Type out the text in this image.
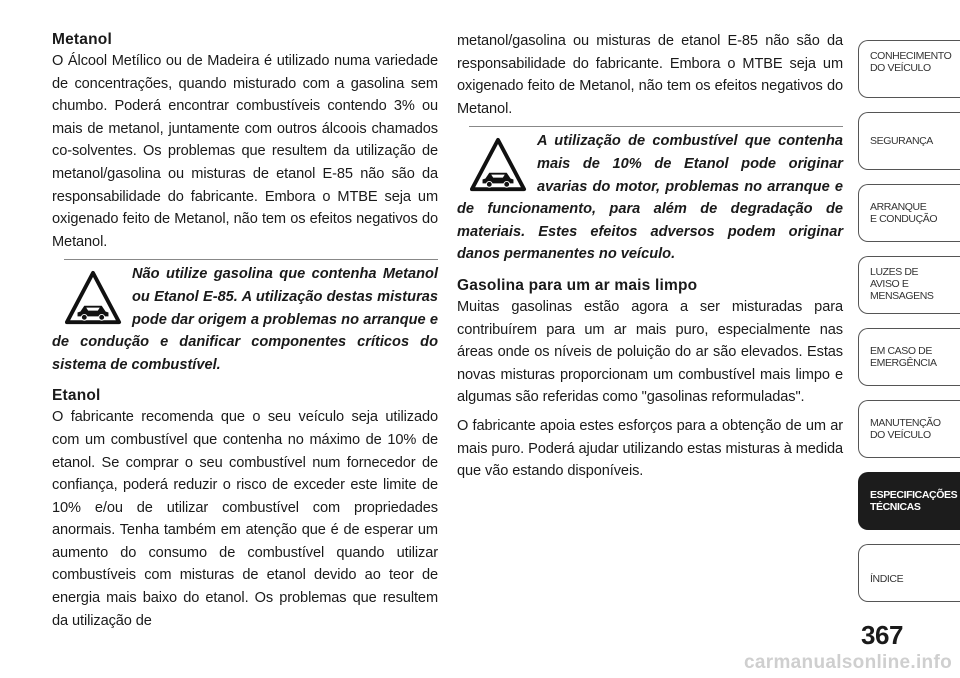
Metanol

O Álcool Metílico ou de Madeira é utilizado numa variedade de concentrações, quando misturado com a gasolina sem chumbo. Poderá encontrar combustíveis contendo 3% ou mais de metanol, juntamente com outros álcoois chamados co-solventes. Os problemas que resultem da utilização de metanol/gasolina ou misturas de etanol E-85 não são da responsabilidade do fabricante. Embora o MTBE seja um oxigenado feito de Metanol, não tem os efeitos negativos do Metanol.

Não utilize gasolina que contenha Metanol ou Etanol E-85. A utilização destas misturas pode dar origem a problemas no arranque e de condução e danificar componentes críticos do sistema de combustível.

Etanol

O fabricante recomenda que o seu veículo seja utilizado com um combustível que contenha no máximo de 10% de etanol. Se comprar o seu combustível num fornecedor de confiança, poderá reduzir o risco de exceder este limite de 10% e/ou de utilizar combustível com propriedades anormais. Tenha também em atenção que é de esperar um aumento do consumo de combustível quando utilizar combustíveis com misturas de etanol devido ao teor de energia mais baixo do etanol. Os problemas que resultem da utilização de

metanol/gasolina ou misturas de etanol E-85 não são da responsabilidade do fabricante. Embora o MTBE seja um oxigenado feito de Metanol, não tem os efeitos negativos do Metanol.

A utilização de combustível que contenha mais de 10% de Etanol pode originar avarias do motor, problemas no arranque e de funcionamento, para além de degradação de materiais. Estes efeitos adversos podem originar danos permanentes no veículo.

Gasolina para um ar mais limpo

Muitas gasolinas estão agora a ser misturadas para contribuírem para um ar mais puro, especialmente nas áreas onde os níveis de poluição do ar são elevados. Estas novas misturas proporcionam um combustível mais limpo e algumas são referidas como "gasolinas reformuladas".

O fabricante apoia estes esforços para a obtenção de um ar mais puro. Poderá ajudar utilizando estas misturas à medida que vão estando disponíveis.

CONHECIMENTO
DO VEÍCULO
SEGURANÇA
ARRANQUE
E CONDUÇÃO
LUZES DE
AVISO E
MENSAGENS
EM CASO DE
EMERGÊNCIA
MANUTENÇÃO
DO VEÍCULO
ESPECIFICAÇÕES
TÉCNICAS
ÍNDICE
367
carmanualsonline.info
